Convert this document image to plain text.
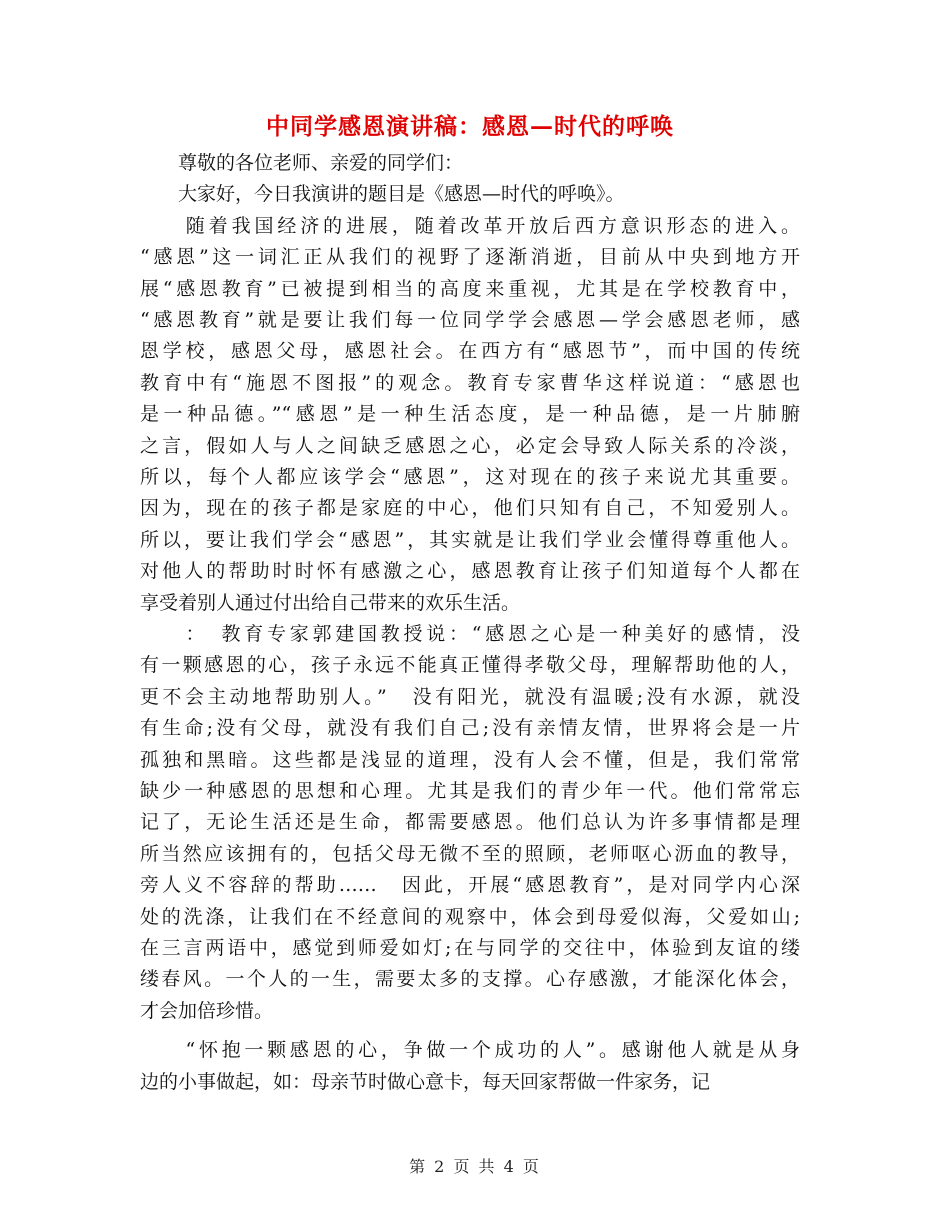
中同学感恩演讲稿：感恩—时代的呼唤
　　尊敬的各位老师、亲爱的同学们：
　　大家好，今日我演讲的题目是《感恩—时代的呼唤》。
　　随着我国经济的进展，随着改革开放后西方意识形态的进入。
“感恩”这一词汇正从我们的视野了逐渐消逝，目前从中央到地方开
展“感恩教育”已被提到相当的高度来重视，尤其是在学校教育中，
“感恩教育”就是要让我们每一位同学学会感恩—学会感恩老师，感
恩学校，感恩父母，感恩社会。在西方有“感恩节”，而中国的传统
教育中有“施恩不图报”的观念。教育专家曹华这样说道：“感恩也
是一种品德。”“感恩”是一种生活态度，是一种品德，是一片肺腑
之言，假如人与人之间缺乏感恩之心，必定会导致人际关系的冷淡，
所以，每个人都应该学会“感恩”，这对现在的孩子来说尤其重要。
因为，现在的孩子都是家庭的中心，他们只知有自己，不知爱别人。
所以，要让我们学会“感恩”，其实就是让我们学业会懂得尊重他人。
对他人的帮助时时怀有感激之心，感恩教育让孩子们知道每个人都在
享受着别人通过付出给自己带来的欢乐生活。
　　：　教育专家郭建国教授说：“感恩之心是一种美好的感情，没
有一颗感恩的心，孩子永远不能真正懂得孝敬父母，理解帮助他的人，
更不会主动地帮助别人。”　没有阳光，就没有温暖;没有水源，就没
有生命;没有父母，就没有我们自己;没有亲情友情，世界将会是一片
孤独和黑暗。这些都是浅显的道理，没有人会不懂，但是，我们常常
缺少一种感恩的思想和心理。尤其是我们的青少年一代。他们常常忘
记了，无论生活还是生命，都需要感恩。他们总认为许多事情都是理
所当然应该拥有的，包括父母无微不至的照顾，老师呕心沥血的教导，
旁人义不容辞的帮助……　因此，开展“感恩教育”，是对同学内心深
处的洗涤，让我们在不经意间的观察中，体会到母爱似海，父爱如山;
在三言两语中，感觉到师爱如灯;在与同学的交往中，体验到友谊的缕
缕春风。一个人的一生，需要太多的支撑。心存感激，才能深化体会，
才会加倍珍惜。
　　“怀抱一颗感恩的心，争做一个成功的人”。感谢他人就是从身
边的小事做起，如：母亲节时做心意卡，每天回家帮做一件家务，记
第 2 页 共 4 页
